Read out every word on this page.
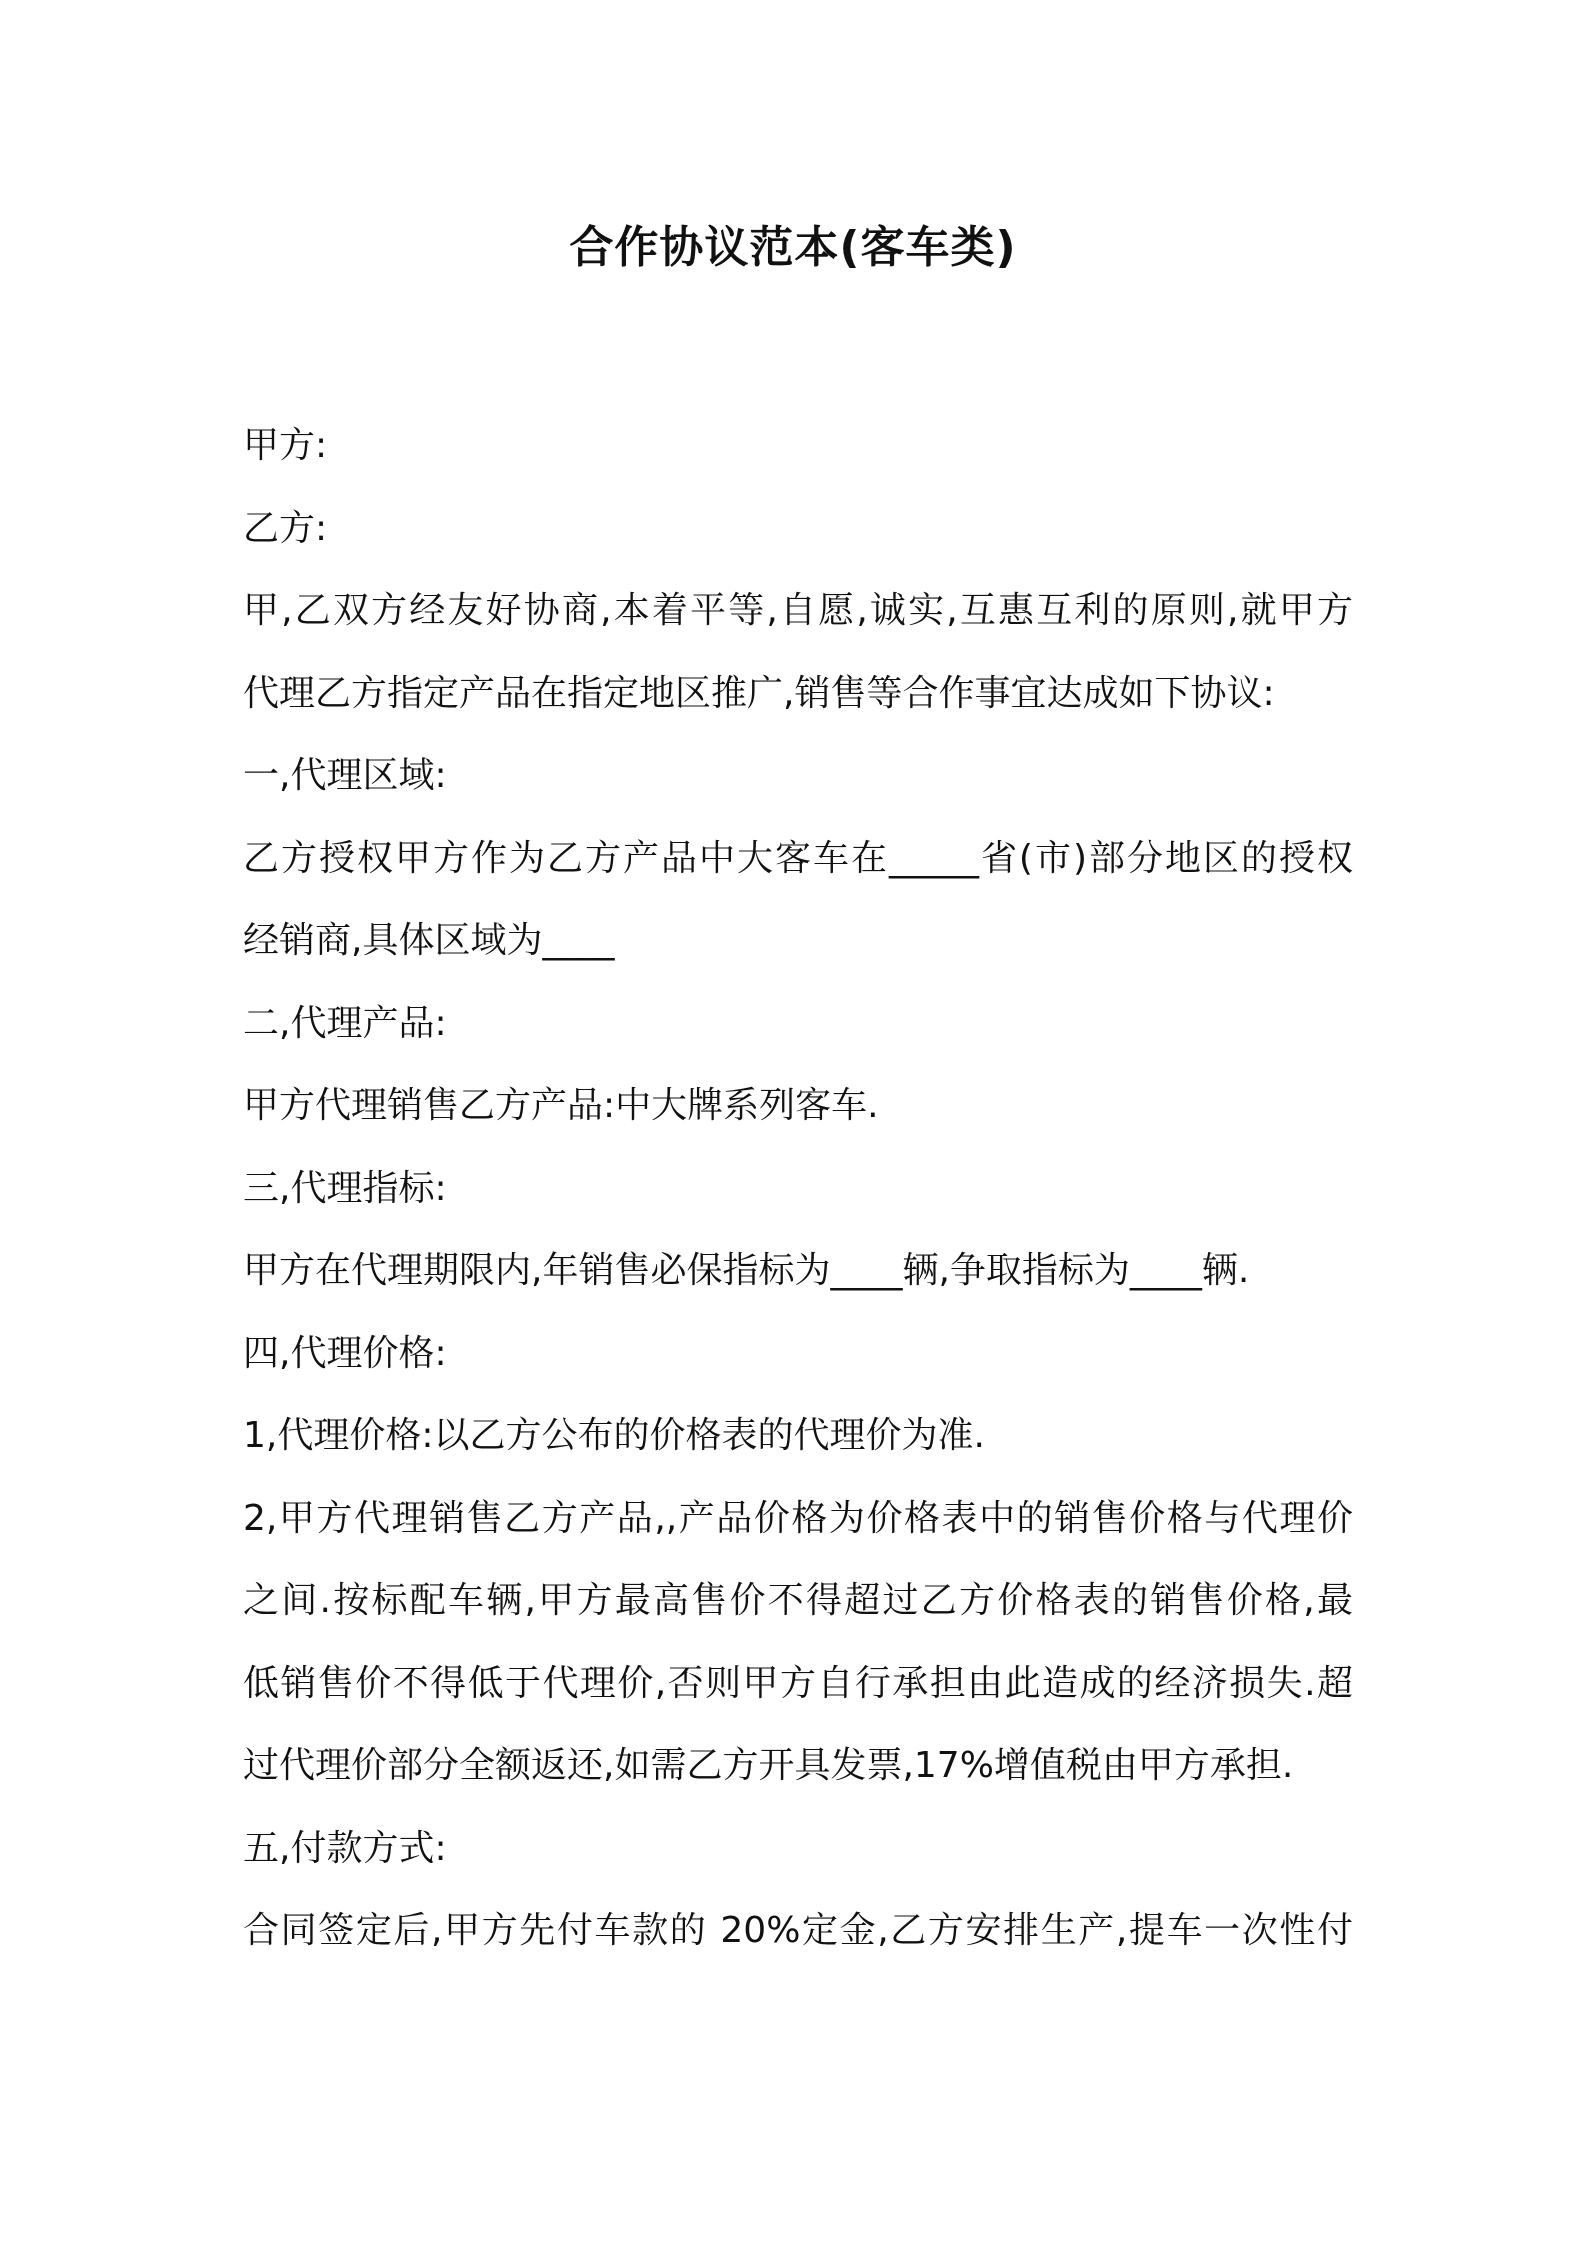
合作协议范本(客车类)

甲方:

乙方:

甲,乙双方经友好协商,本着平等,自愿,诚实,互惠互利的原则,就甲方

代理乙方指定产品在指定地区推广,销售等合作事宜达成如下协议:

一,代理区域:

乙方授权甲方作为乙方产品中大客车在_____省(市)部分地区的授权

经销商,具体区域为____

二,代理产品:

甲方代理销售乙方产品:中大牌系列客车.

三,代理指标:

甲方在代理期限内,年销售必保指标为____辆,争取指标为____辆.

四,代理价格:

1,代理价格:以乙方公布的价格表的代理价为准.

2,甲方代理销售乙方产品,,产品价格为价格表中的销售价格与代理价

之间.按标配车辆,甲方最高售价不得超过乙方价格表的销售价格,最

低销售价不得低于代理价,否则甲方自行承担由此造成的经济损失.超

过代理价部分全额返还,如需乙方开具发票,17%增值税由甲方承担.

五,付款方式:

合同签定后,甲方先付车款的 20%定金,乙方安排生产,提车一次性付
